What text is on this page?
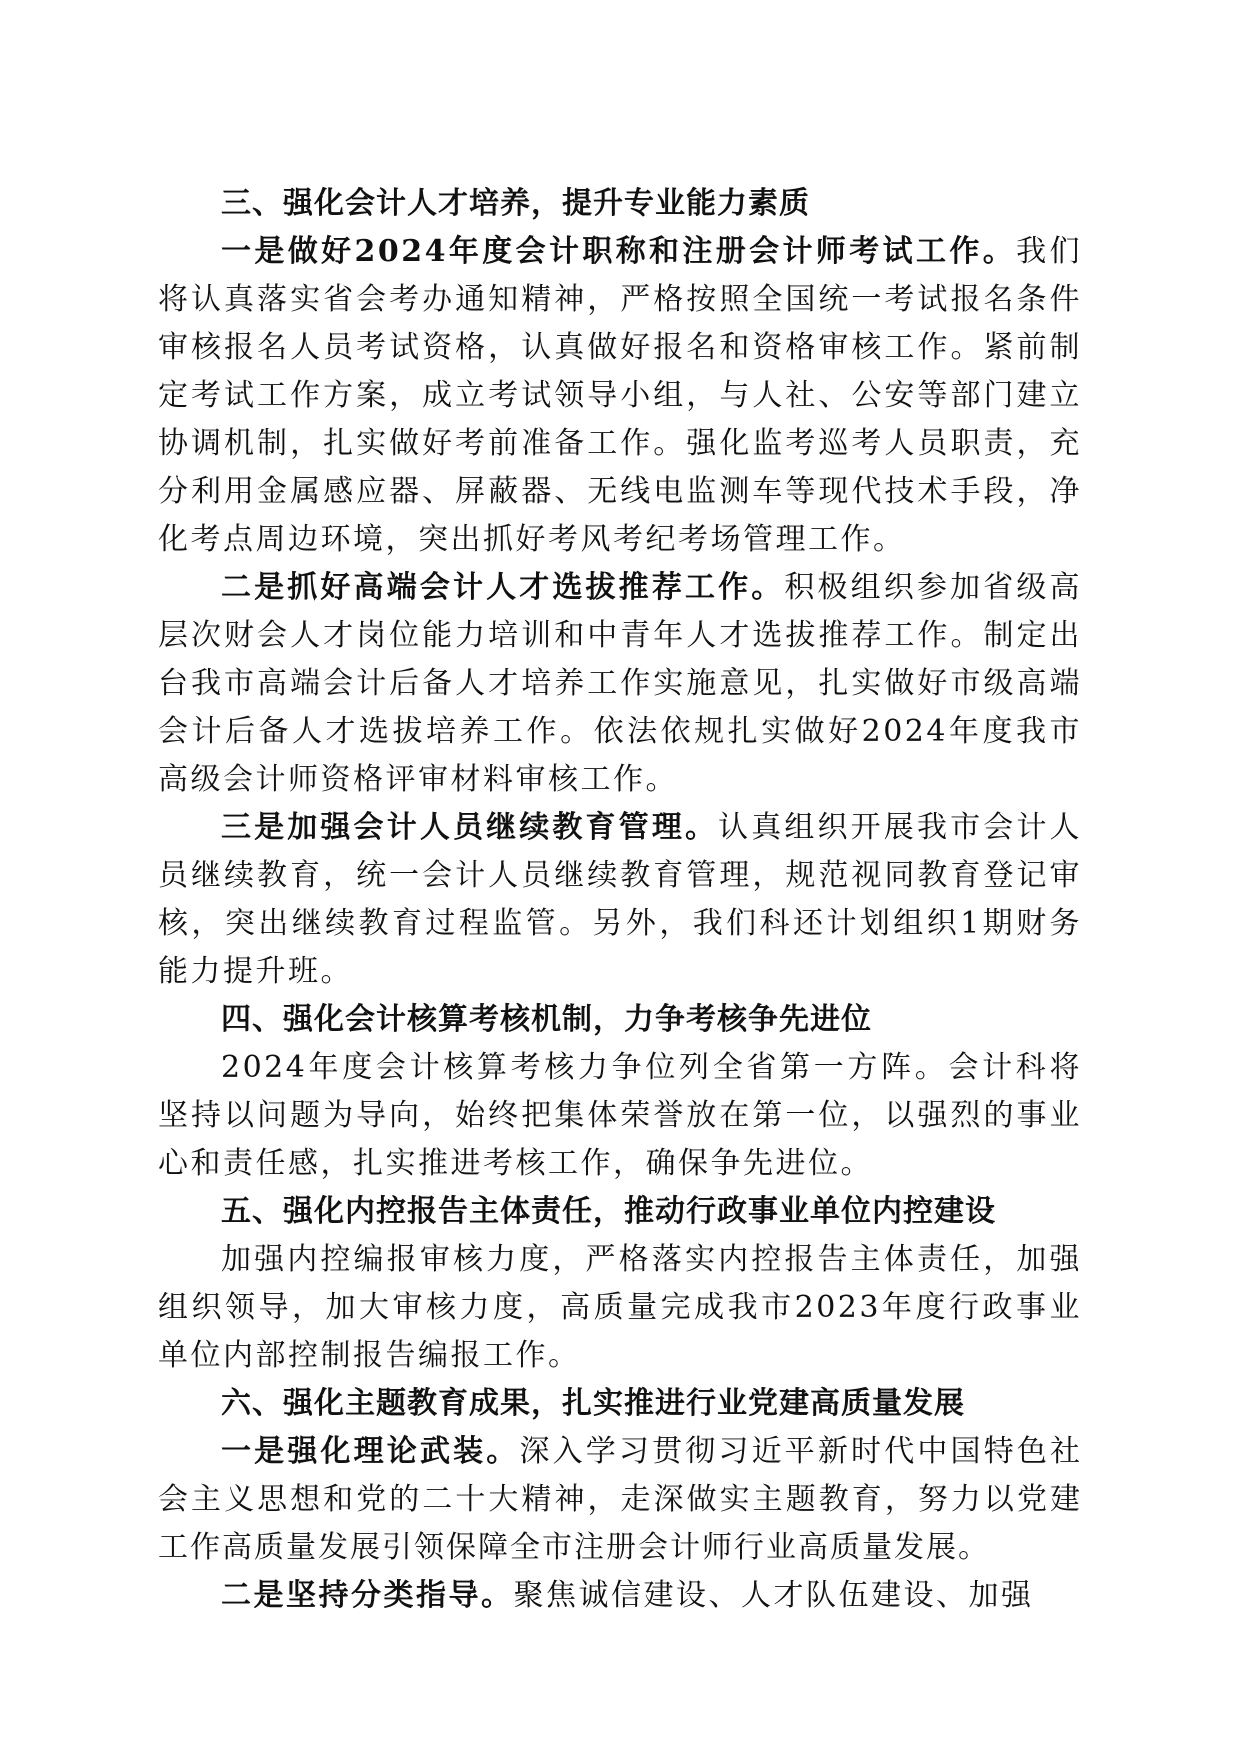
三、强化会计人才培养，提升专业能力素质

一是做好2024年度会计职称和注册会计师考试工作。我们将认真落实省会考办通知精神，严格按照全国统一考试报名条件审核报名人员考试资格，认真做好报名和资格审核工作。紧前制定考试工作方案，成立考试领导小组，与人社、公安等部门建立协调机制，扎实做好考前准备工作。强化监考巡考人员职责，充分利用金属感应器、屏蔽器、无线电监测车等现代技术手段，净化考点周边环境，突出抓好考风考纪考场管理工作。

二是抓好高端会计人才选拔推荐工作。积极组织参加省级高层次财会人才岗位能力培训和中青年人才选拔推荐工作。制定出台我市高端会计后备人才培养工作实施意见，扎实做好市级高端会计后备人才选拔培养工作。依法依规扎实做好2024年度我市高级会计师资格评审材料审核工作。

三是加强会计人员继续教育管理。认真组织开展我市会计人员继续教育，统一会计人员继续教育管理，规范视同教育登记审核，突出继续教育过程监管。另外，我们科还计划组织1期财务能力提升班。

四、强化会计核算考核机制，力争考核争先进位

2024年度会计核算考核力争位列全省第一方阵。会计科将坚持以问题为导向，始终把集体荣誉放在第一位，以强烈的事业心和责任感，扎实推进考核工作，确保争先进位。

五、强化内控报告主体责任，推动行政事业单位内控建设

加强内控编报审核力度，严格落实内控报告主体责任，加强组织领导，加大审核力度，高质量完成我市2023年度行政事业单位内部控制报告编报工作。

六、强化主题教育成果，扎实推进行业党建高质量发展

一是强化理论武装。深入学习贯彻习近平新时代中国特色社会主义思想和党的二十大精神，走深做实主题教育，努力以党建工作高质量发展引领保障全市注册会计师行业高质量发展。

二是坚持分类指导。聚焦诚信建设、人才队伍建设、加强
